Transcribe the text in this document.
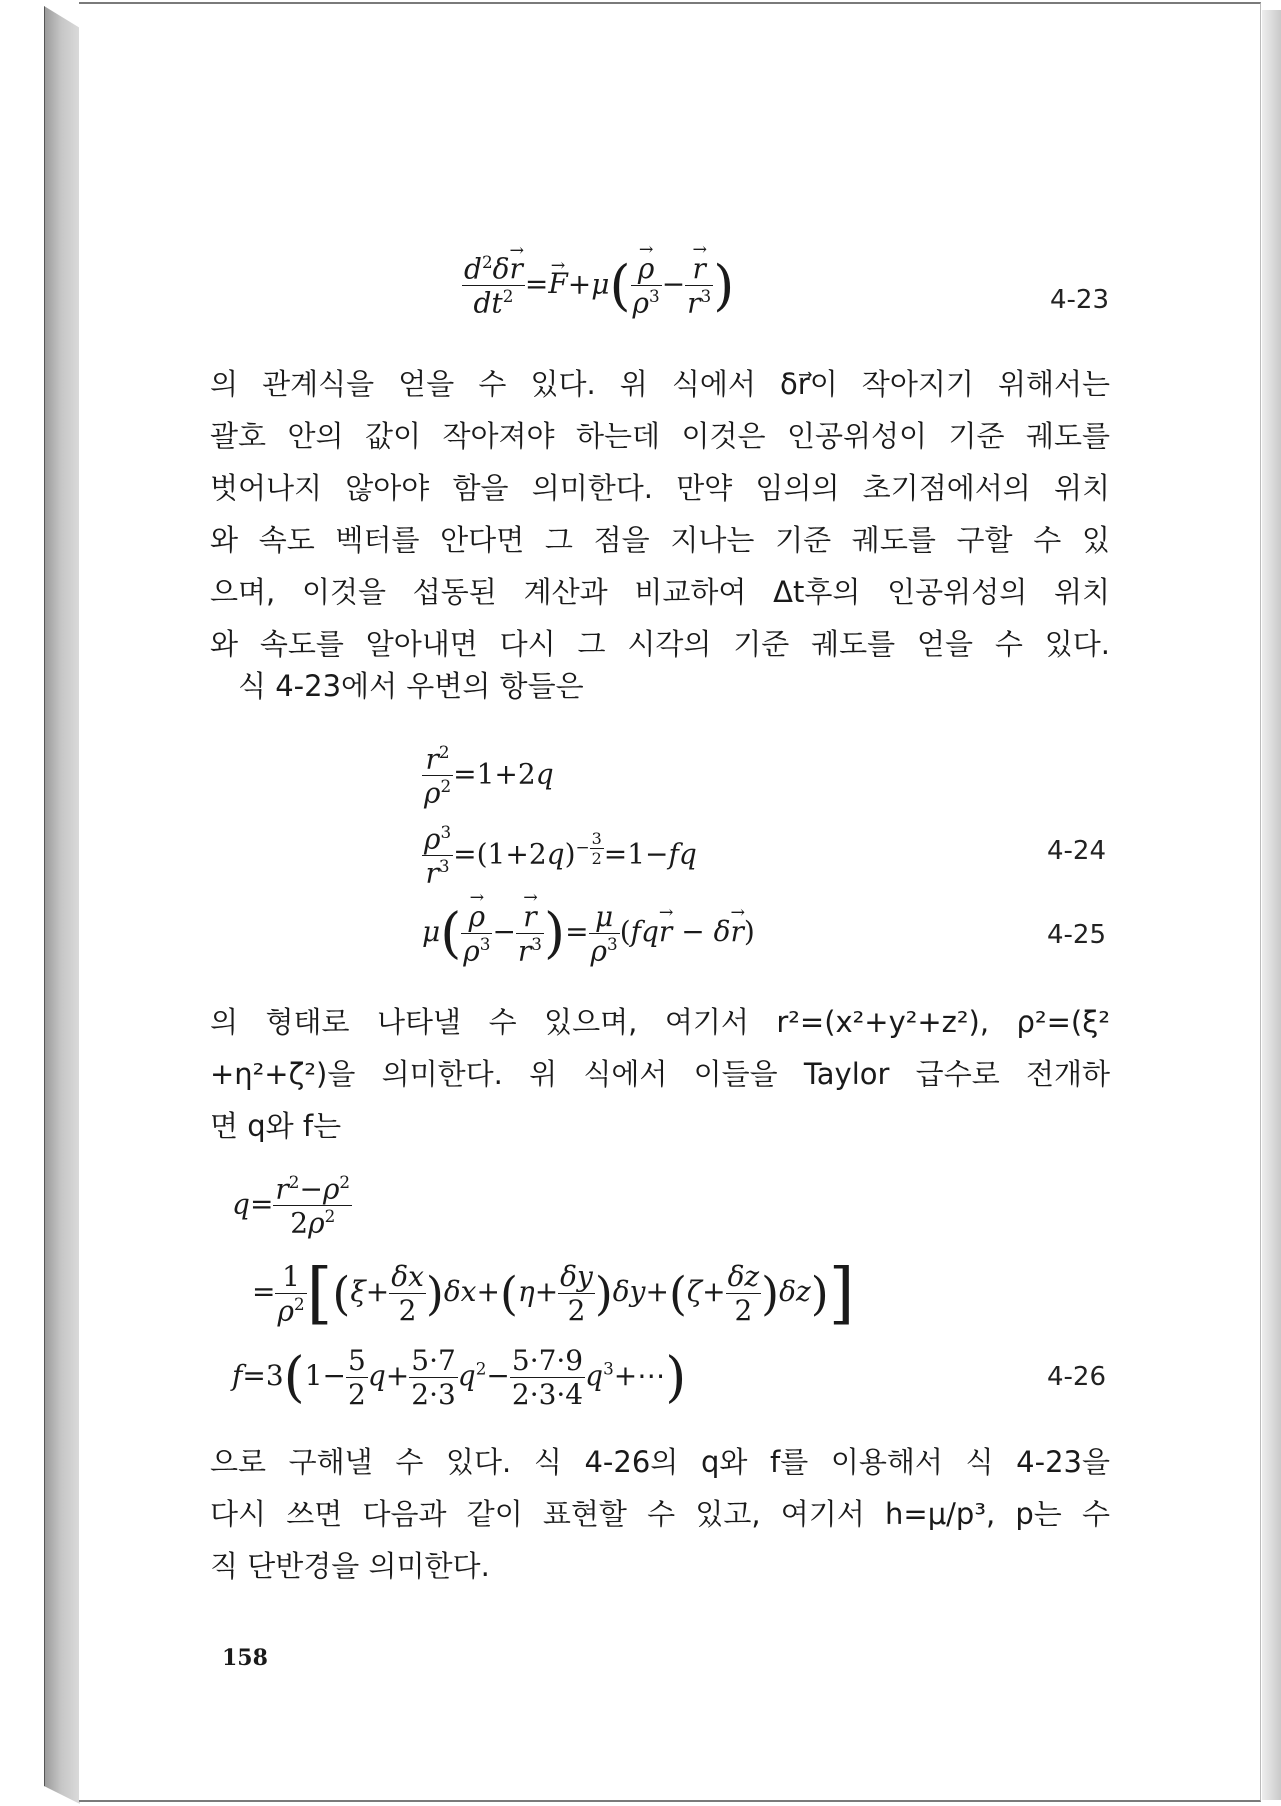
$\frac{d^2\delta\to r}{dt^2} =\to F+\mu$(
→ $\frac{\rho}{\rho^3}$ −
→ $\frac{r}{r^3}$ )	4-23
의 관계식을 얻을 수 있다. 위 식에서 δr⃗이 작아지기 위해서는
괄호 안의 값이 작아져야 하는데 이것은 인공위성이 기준 궤도를
벗어나지 않아야 함을 의미한다. 만약 임의의 초기점에서의 위치
와 속도 벡터를 안다면 그 점을 지나는 기준 궤도를 구할 수 있
으며, 이것을 섭동된 계산과 비교하여 Δt후의 인공위성의 위치
와 속도를 알아내면 다시 그 시각의 기준 궤도를 얻을 수 있다.
식 4-23에서 우변의 항들은
$\frac{r^2}{\rho^2} =1+2q$
$\frac{\rho^3}{r^3} =(1+2q)^{- \frac{3}{2}} =1-fq$	4-24
μ(
→ $\frac{\rho}{\rho^3}$ −
→ $\frac{r}{r^3}$ )= $\frac{\mu}{\rho^3} (fq\to r - \delta\to r)$	4-25
의 형태로 나타낼 수 있으며, 여기서 r²=(x²+y²+z²), ρ²=(ξ²
+η²+ζ²)을 의미한다. 위 식에서 이들을 Taylor 급수로 전개하
면 q와 f는
$q= \frac{r^2-\rho^2}{2\rho^2}$
= $\frac{1}{\rho^2} [(\xi+ \frac{\delta x}{2} )\delta x+(\eta+ \frac{\delta y}{2} )\delta y+(\zeta+ \frac{\delta z}{2} )\delta z)$]
$f=3(1- \frac{5}{2} q+ \frac{5\cdot 7}{2\cdot 3} q^2- \frac{5\cdot 7\cdot 9}{2\cdot 3\cdot 4}$ $q^3+\cdots$)	4-26
으로 구해낼 수 있다. 식 4-26의 q와 f를 이용해서 식 4-23을
다시 쓰면 다음과 같이 표현할 수 있고, 여기서 h=μ/p³, p는 수
직 단반경을 의미한다.
158
